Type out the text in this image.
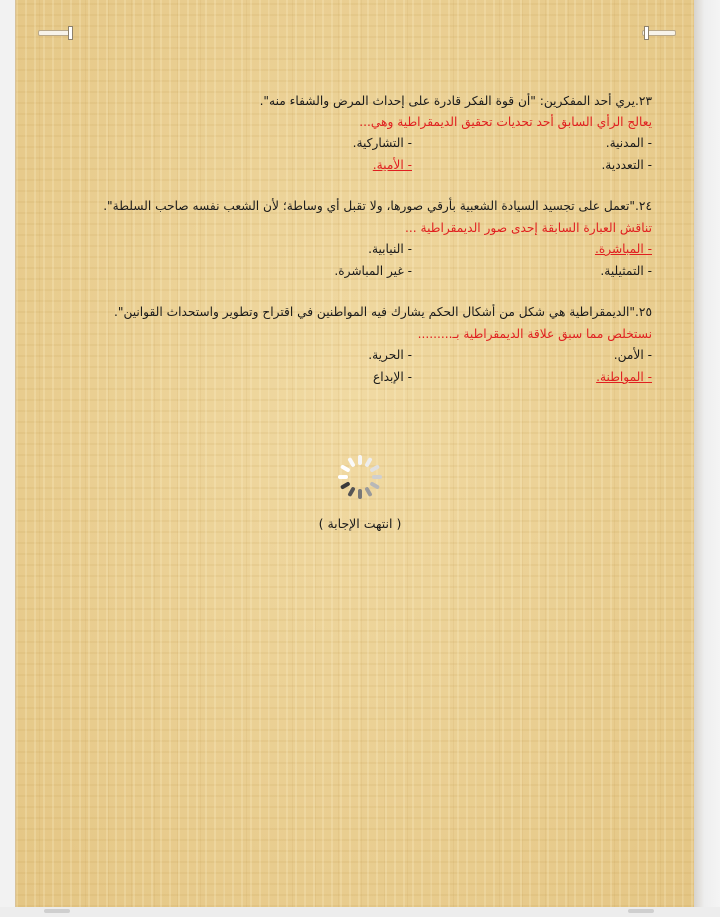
٢٣.يري أحد المفكرين: "أن قوة الفكر قادرة على إحداث المرض والشفاء منه".
يعالج الرأي السابق أحد تحديات تحقيق الديمقراطية وهي...
- المدنية.
- التشاركية.
- التعددية.
- الأمية.
٢٤."تعمل على تجسيد السيادة الشعبية بأرقي صورها، ولا تقبل أي وساطة؛ لأن الشعب نفسه صاحب السلطة".
تناقش العبارة السابقة إحدى صور الديمقراطية ...
- المباشرة.
- النيابية.
- التمثيلية.
- غير المباشرة.
٢٥."الديمقراطية هي شكل من أشكال الحكم يشارك فيه المواطنين في اقتراح وتطوير واستحداث القوانين".
نستخلص مما سبق علاقة الديمقراطية بـ.........
- الأمن.
- الحرية.
- المواطنة.
- الإبداع
( انتهت الإجابة )
